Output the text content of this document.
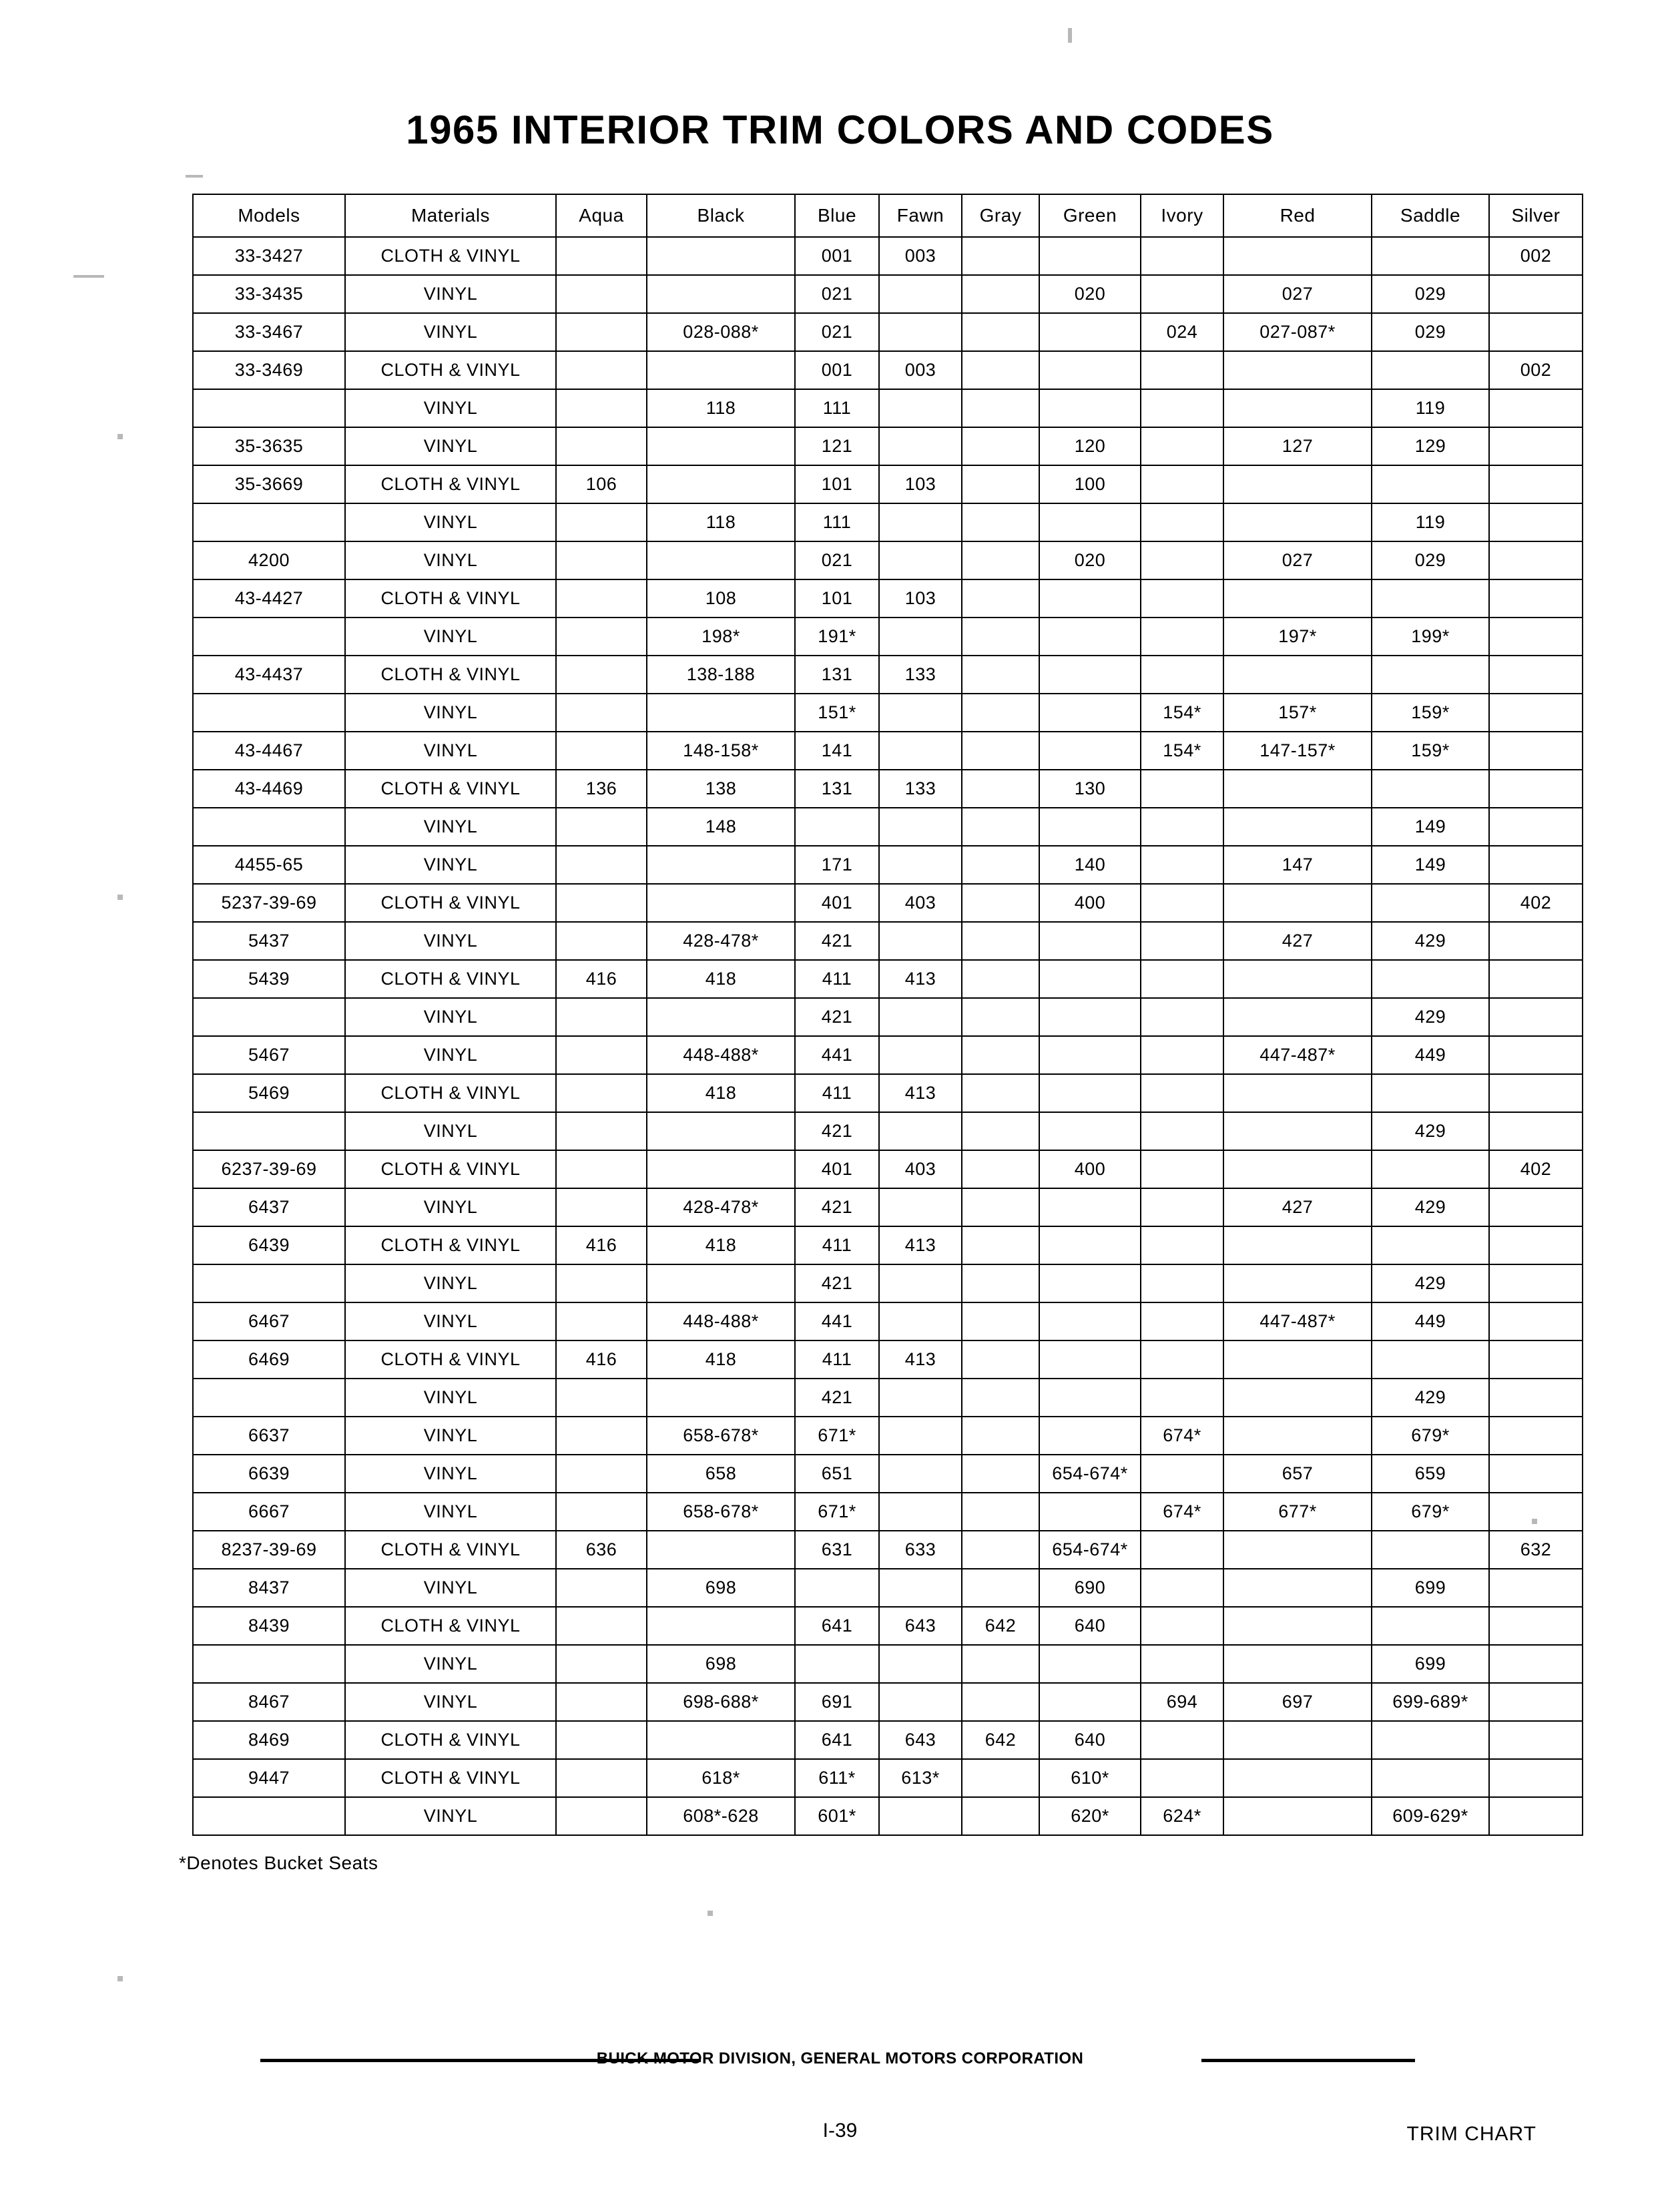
1965 INTERIOR TRIM COLORS AND CODES
Models	Materials	Aqua	Black	Blue	Fawn	Gray	Green	Ivory	Red	Saddle	Silver
33-3427	CLOTH & VINYL			001	003						002
33-3435	VINYL			021			020		027	029	
33-3467	VINYL		028-088*	021				024	027-087*	029	
33-3469	CLOTH & VINYL			001	003						002
	VINYL		118	111						119	
35-3635	VINYL			121			120		127	129	
35-3669	CLOTH & VINYL	106		101	103		100				
	VINYL		118	111						119	
4200	VINYL			021			020		027	029	
43-4427	CLOTH & VINYL		108	101	103						
	VINYL		198*	191*					197*	199*	
43-4437	CLOTH & VINYL		138-188	131	133						
	VINYL			151*				154*	157*	159*	
43-4467	VINYL		148-158*	141				154*	147-157*	159*	
43-4469	CLOTH & VINYL	136	138	131	133		130				
	VINYL		148							149	
4455-65	VINYL			171			140		147	149	
5237-39-69	CLOTH & VINYL			401	403		400				402
5437	VINYL		428-478*	421					427	429	
5439	CLOTH & VINYL	416	418	411	413						
	VINYL			421						429	
5467	VINYL		448-488*	441					447-487*	449	
5469	CLOTH & VINYL		418	411	413						
	VINYL			421						429	
6237-39-69	CLOTH & VINYL			401	403		400				402
6437	VINYL		428-478*	421					427	429	
6439	CLOTH & VINYL	416	418	411	413						
	VINYL			421						429	
6467	VINYL		448-488*	441					447-487*	449	
6469	CLOTH & VINYL	416	418	411	413						
	VINYL			421						429	
6637	VINYL		658-678*	671*				674*		679*	
6639	VINYL		658	651			654-674*		657	659	
6667	VINYL		658-678*	671*				674*	677*	679*	
8237-39-69	CLOTH & VINYL	636		631	633		654-674*				632
8437	VINYL		698				690			699	
8439	CLOTH & VINYL			641	643	642	640				
	VINYL		698							699	
8467	VINYL		698-688*	691				694	697	699-689*	
8469	CLOTH & VINYL			641	643	642	640				
9447	CLOTH & VINYL		618*	611*	613*		610*				
	VINYL		608*-628	601*			620*	624*		609-629*	
*Denotes Bucket Seats
BUICK MOTOR DIVISION, GENERAL MOTORS CORPORATION
I-39	TRIM CHART
